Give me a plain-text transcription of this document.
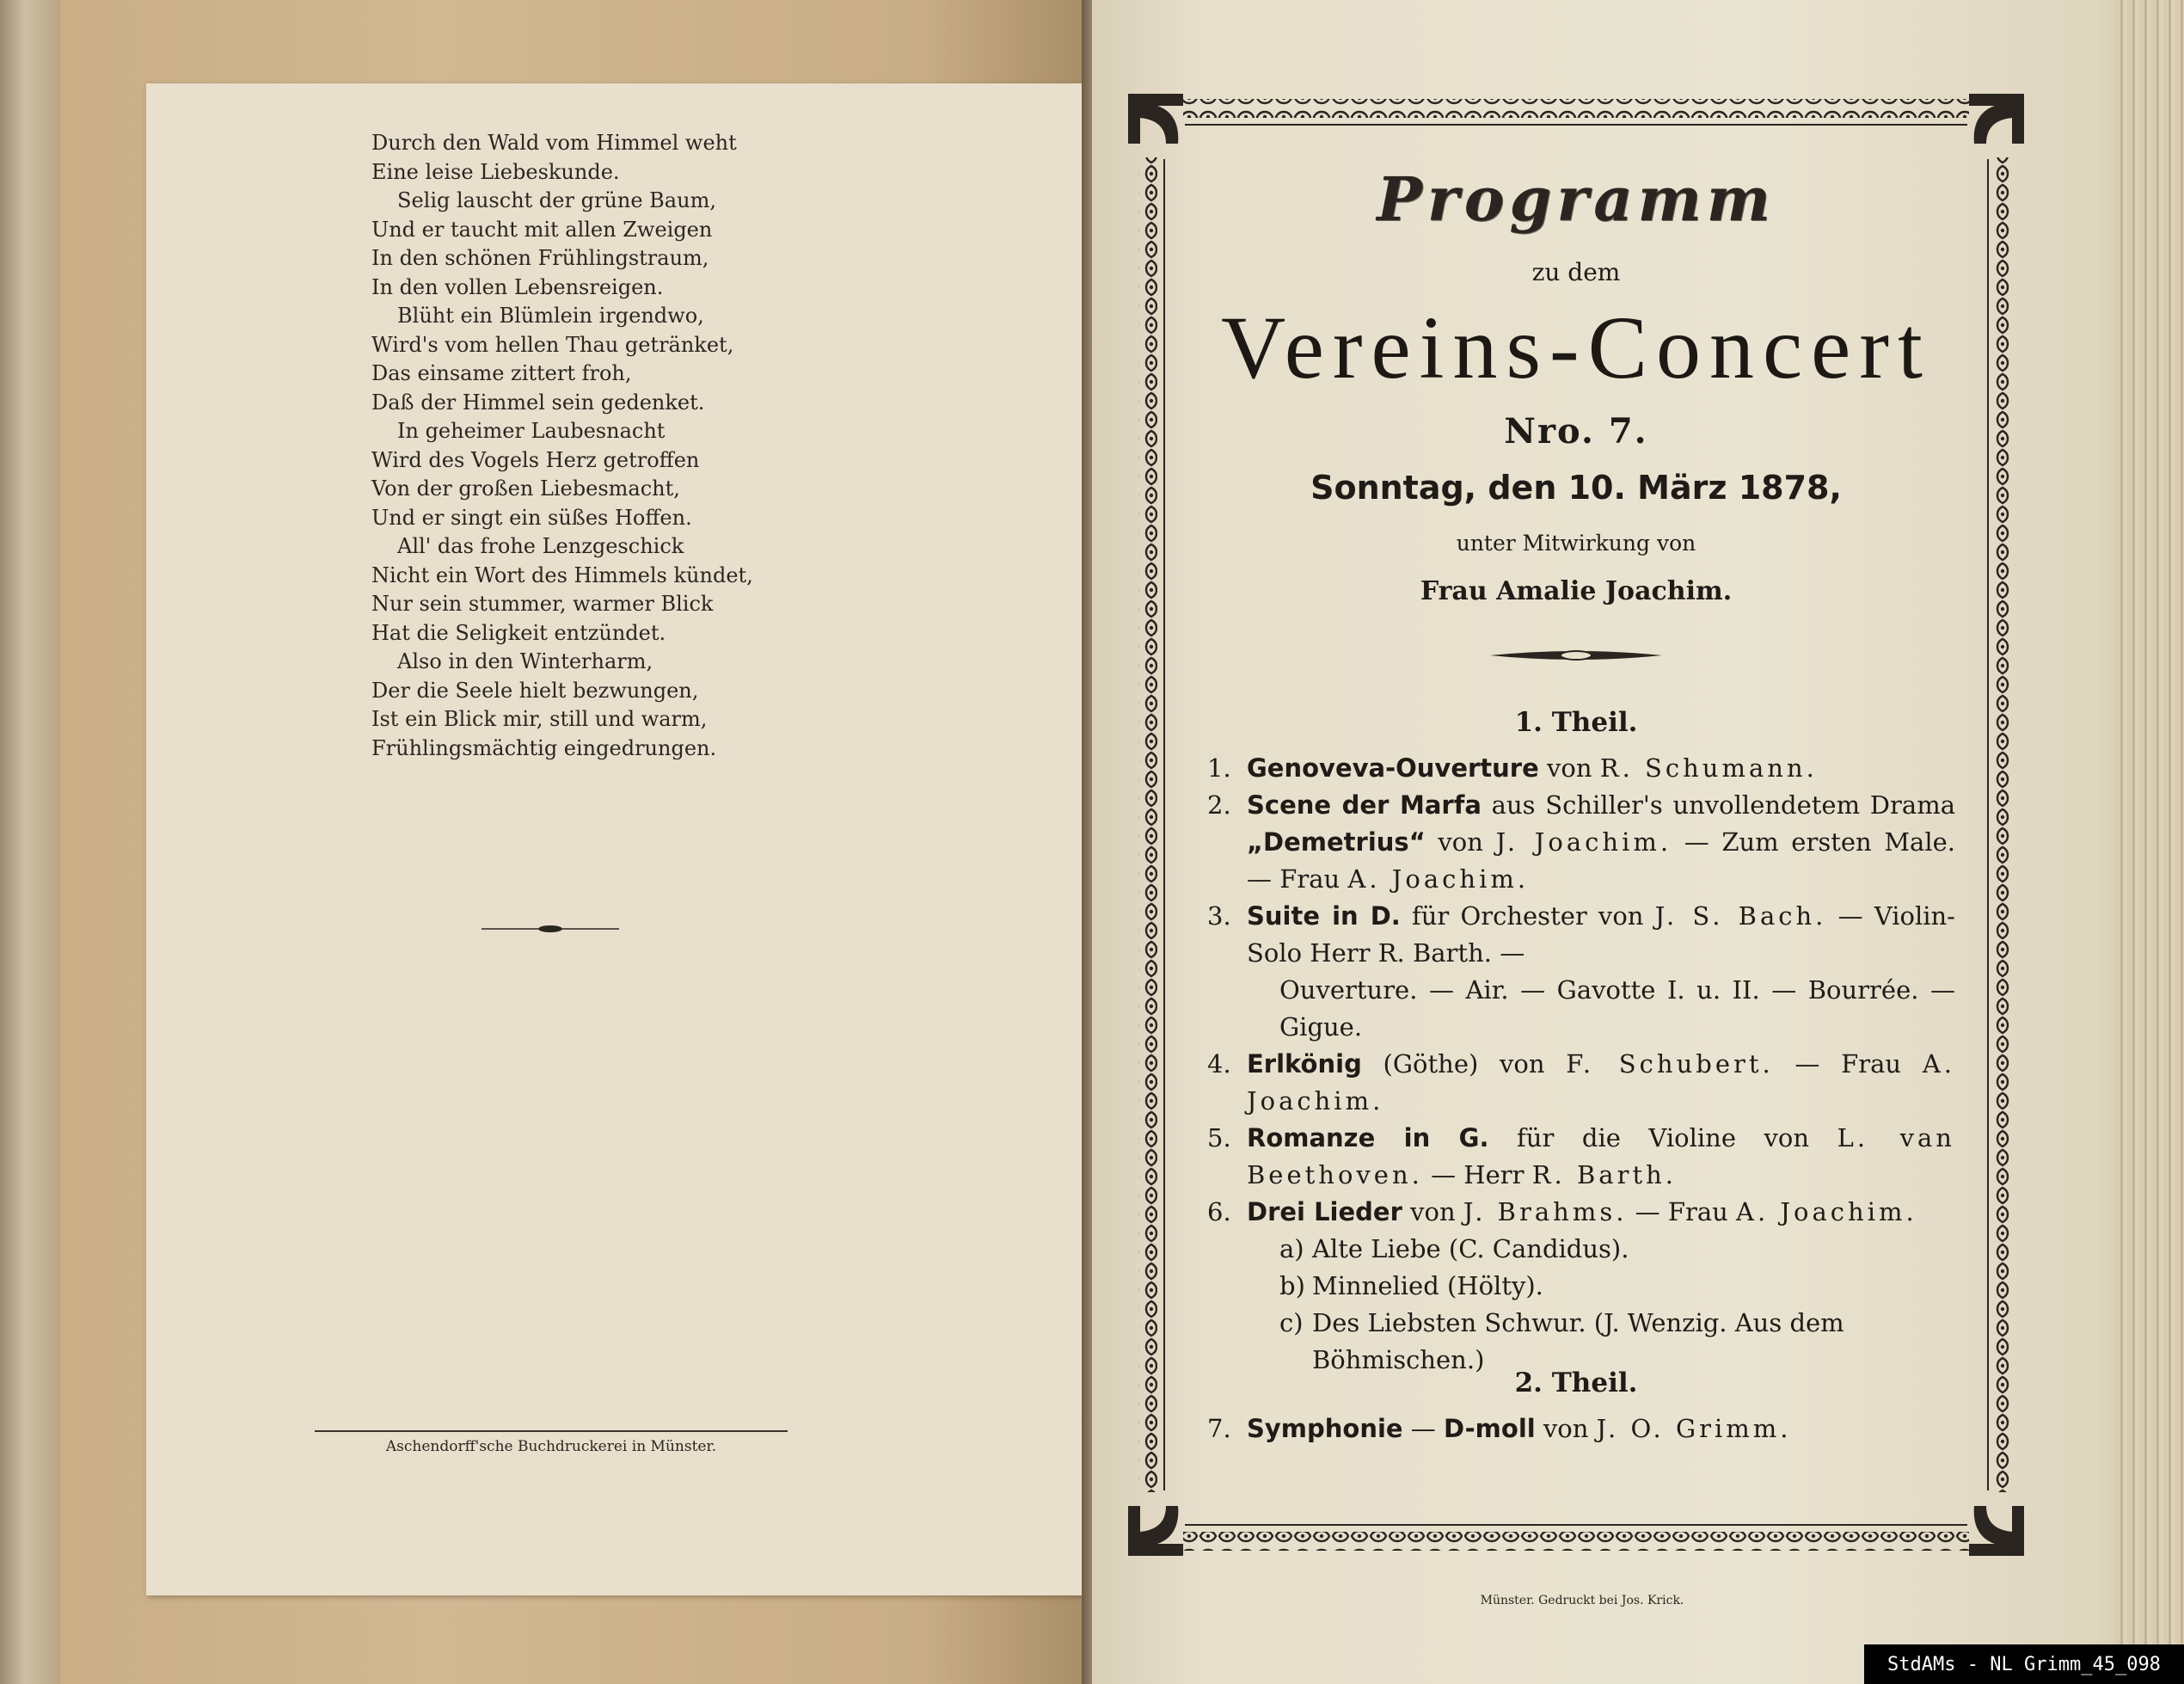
Durch den Wald vom Himmel weht
Eine leise Liebeskunde.
Selig lauscht der grüne Baum,
Und er taucht mit allen Zweigen
In den schönen Frühlingstraum,
In den vollen Lebensreigen.
Blüht ein Blümlein irgendwo,
Wird's vom hellen Thau getränket,
Das einsame zittert froh,
Daß der Himmel sein gedenket.
In geheimer Laubesnacht
Wird des Vogels Herz getroffen
Von der großen Liebesmacht,
Und er singt ein süßes Hoffen.
All' das frohe Lenzgeschick
Nicht ein Wort des Himmels kündet,
Nur sein stummer, warmer Blick
Hat die Seligkeit entzündet.
Also in den Winterharm,
Der die Seele hielt bezwungen,
Ist ein Blick mir, still und warm,
Frühlingsmächtig eingedrungen.
Aschendorff'sche Buchdruckerei in Münster.
Programm
zu dem
Vereins-Concert
Nro. 7.
Sonntag, den 10. März 1878,
unter Mitwirkung von
Frau Amalie Joachim.
1. Theil.
1. Genoveva-Ouverture von R. Schumann.
2. Scene der Marfa aus Schiller's unvollendetem Drama „Demetrius“ von J. Joachim. — Zum ersten Male. — Frau A. Joachim.
3. Suite in D. für Orchester von J. S. Bach. — Violin-Solo Herr R. Barth. —
Ouverture. — Air. — Gavotte I. u. II. — Bourrée. — Gigue.
4. Erlkönig (Göthe) von F. Schubert. — Frau A. Joachim.
5. Romanze in G. für die Violine von L. van Beethoven. — Herr R. Barth.
6. Drei Lieder von J. Brahms. — Frau A. Joachim.
a) Alte Liebe (C. Candidus).
b) Minnelied (Hölty).
c) Des Liebsten Schwur. (J. Wenzig. Aus dem Böhmischen.)
2. Theil.
7. Symphonie — D-moll von J. O. Grimm.
Münster. Gedruckt bei Jos. Krick.
StdAMs - NL Grimm_45_098
